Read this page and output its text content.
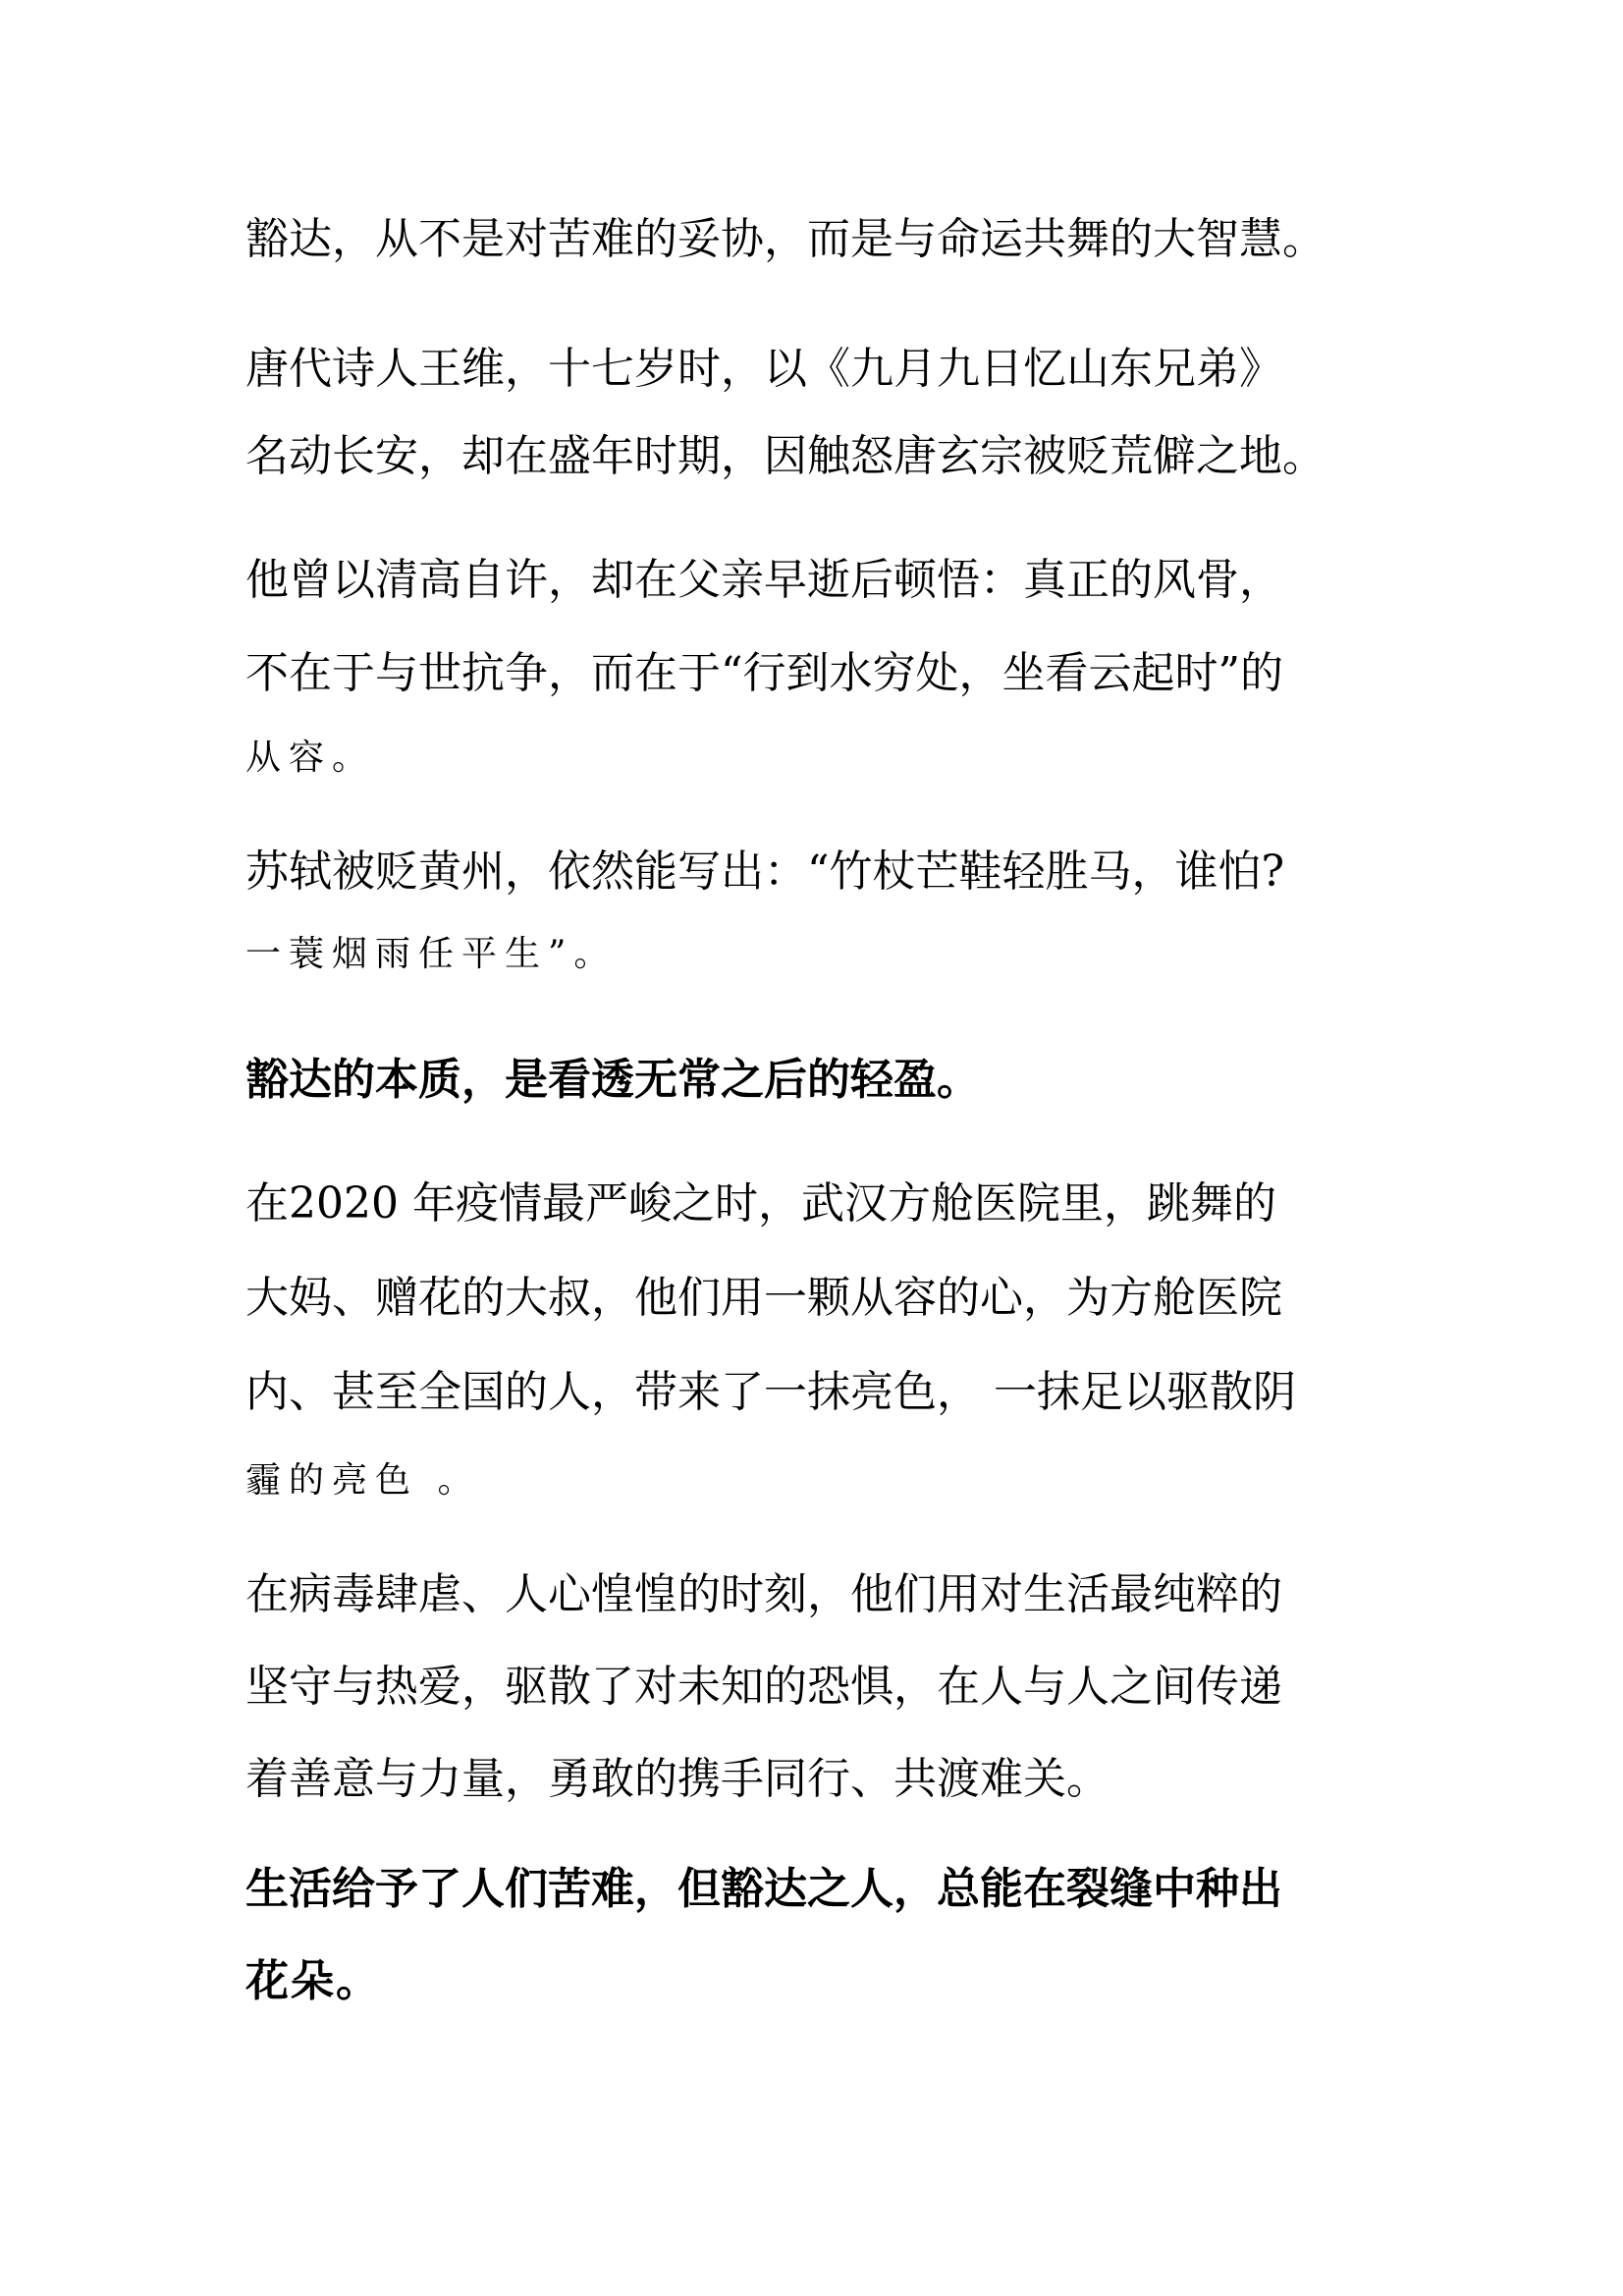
豁达，从不是对苦难的妥协，而是与命运共舞的大智慧。

唐代诗人王维，十七岁时，以《九月九日忆山东兄弟》
名动长安，却在盛年时期，因触怒唐玄宗被贬荒僻之地。

他曾以清高自许，却在父亲早逝后顿悟：真正的风骨，
不在于与世抗争，而在于“行到水穷处，坐看云起时”的
从容。

苏轼被贬黄州，依然能写出：“竹杖芒鞋轻胜马，谁怕?
一蓑烟雨任平生”。

豁达的本质，是看透无常之后的轻盈。

在2020 年疫情最严峻之时，武汉方舱医院里，跳舞的
大妈、赠花的大叔，他们用一颗从容的心，为方舱医院
内、甚至全国的人，带来了一抹亮色， 一抹足以驱散阴
霾的亮色 。

在病毒肆虐、人心惶惶的时刻，他们用对生活最纯粹的
坚守与热爱，驱散了对未知的恐惧，在人与人之间传递
着善意与力量，勇敢的携手同行、共渡难关。

生活给予了人们苦难，但豁达之人，总能在裂缝中种出
花朵。
